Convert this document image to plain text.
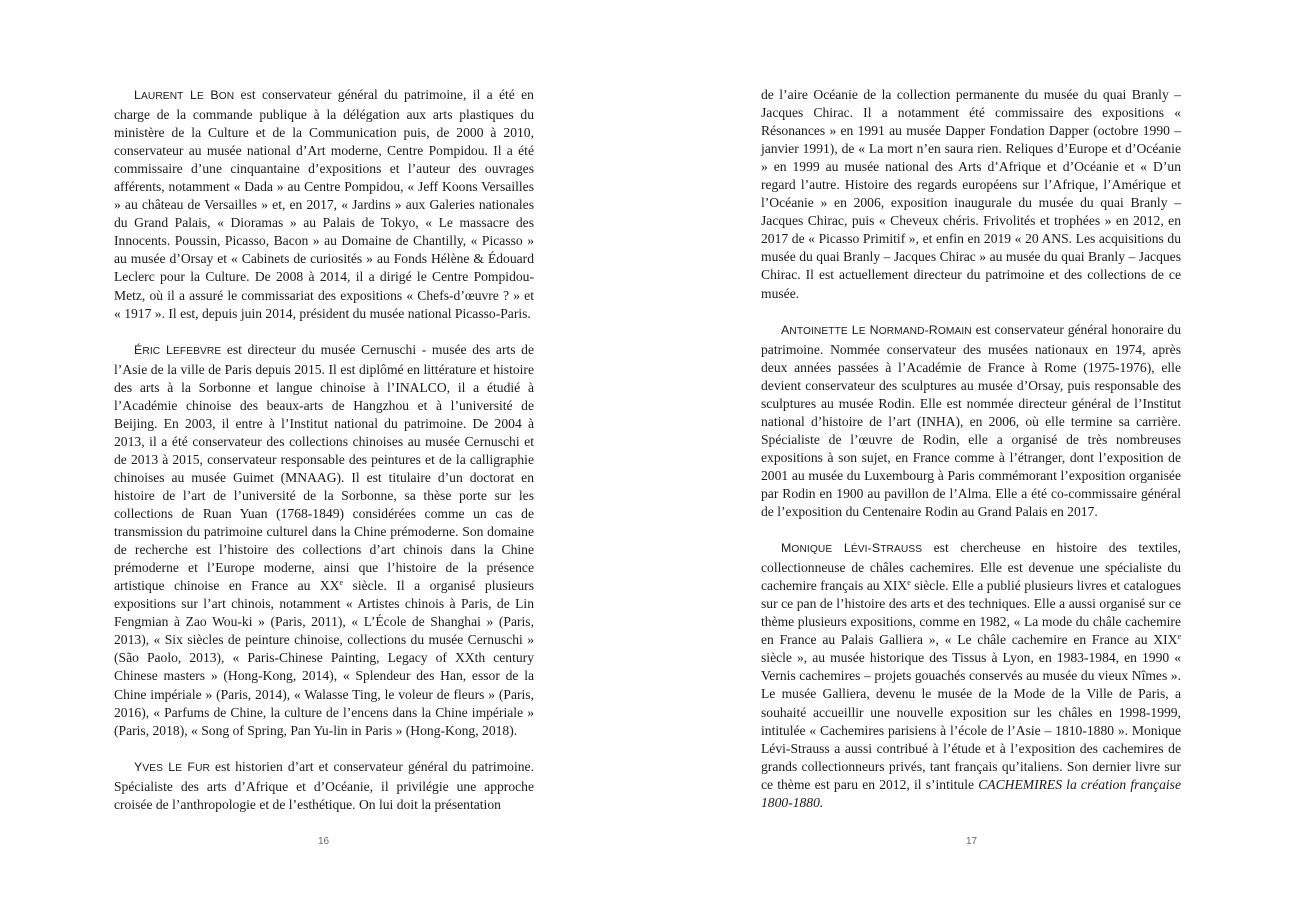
LAURENT LE BON est conservateur général du patrimoine, il a été en charge de la commande publique à la délégation aux arts plastiques du ministère de la Culture et de la Communication puis, de 2000 à 2010, conservateur au musée national d’Art moderne, Centre Pompidou. Il a été commissaire d’une cinquantaine d’expositions et l’auteur des ouvrages afférents, notamment « Dada » au Centre Pompidou, « Jeff Koons Versailles » au château de Versailles » et, en 2017, « Jardins » aux Galeries nationales du Grand Palais, « Dioramas » au Palais de Tokyo, « Le massacre des Innocents. Poussin, Picasso, Bacon » au Domaine de Chantilly, « Picasso » au musée d’Orsay et « Cabinets de curiosités » au Fonds Hélène & Édouard Leclerc pour la Culture. De 2008 à 2014, il a dirigé le Centre Pompidou-Metz, où il a assuré le commissariat des expositions « Chefs-d’œuvre ? » et « 1917 ». Il est, depuis juin 2014, président du musée national Picasso-Paris.

ÉRIC LEFEBVRE est directeur du musée Cernuschi - musée des arts de l’Asie de la ville de Paris depuis 2015. Il est diplômé en littérature et histoire des arts à la Sorbonne et langue chinoise à l’INALCO, il a étudié à l’Académie chinoise des beaux-arts de Hangzhou et à l’université de Beijing. En 2003, il entre à l’Institut national du patrimoine. De 2004 à 2013, il a été conservateur des collections chinoises au musée Cernuschi et de 2013 à 2015, conservateur responsable des peintures et de la calligraphie chinoises au musée Guimet (MNAAG). Il est titulaire d’un doctorat en histoire de l’art de l’université de la Sorbonne, sa thèse porte sur les collections de Ruan Yuan (1768-1849) considérées comme un cas de transmission du patrimoine culturel dans la Chine prémoderne. Son domaine de recherche est l’histoire des collections d’art chinois dans la Chine prémoderne et l’Europe moderne, ainsi que l’histoire de la présence artistique chinoise en France au XXe siècle. Il a organisé plusieurs expositions sur l’art chinois, notamment « Artistes chinois à Paris, de Lin Fengmian à Zao Wou-ki » (Paris, 2011), « L’École de Shanghai » (Paris, 2013), « Six siècles de peinture chinoise, collections du musée Cernuschi » (São Paolo, 2013), « Paris-Chinese Painting, Legacy of XXth century Chinese masters » (Hong-Kong, 2014), « Splendeur des Han, essor de la Chine impériale » (Paris, 2014), « Walasse Ting, le voleur de fleurs » (Paris, 2016), « Parfums de Chine, la culture de l’encens dans la Chine impériale » (Paris, 2018), « Song of Spring, Pan Yu-lin in Paris » (Hong-Kong, 2018).

YVES LE FUR est historien d’art et conservateur général du patrimoine. Spécialiste des arts d’Afrique et d’Océanie, il privilégie une approche croisée de l’anthropologie et de l’esthétique. On lui doit la présentation

16

de l’aire Océanie de la collection permanente du musée du quai Branly – Jacques Chirac. Il a notamment été commissaire des expositions « Résonances » en 1991 au musée Dapper Fondation Dapper (octobre 1990 – janvier 1991), de « La mort n’en saura rien. Reliques d’Europe et d’Océanie » en 1999 au musée national des Arts d’Afrique et d’Océanie et « D’un regard l’autre. Histoire des regards européens sur l’Afrique, l’Amérique et l’Océanie » en 2006, exposition inaugurale du musée du quai Branly – Jacques Chirac, puis « Cheveux chéris. Frivolités et trophées » en 2012, en 2017 de « Picasso Primitif », et enfin en 2019 « 20 ANS. Les acquisitions du musée du quai Branly – Jacques Chirac » au musée du quai Branly – Jacques Chirac. Il est actuellement directeur du patrimoine et des collections de ce musée.

ANTOINETTE LE NORMAND-ROMAIN est conservateur général honoraire du patrimoine. Nommée conservateur des musées nationaux en 1974, après deux années passées à l’Académie de France à Rome (1975-1976), elle devient conservateur des sculptures au musée d’Orsay, puis responsable des sculptures au musée Rodin. Elle est nommée directeur général de l’Institut national d’histoire de l’art (INHA), en 2006, où elle termine sa carrière. Spécialiste de l’œuvre de Rodin, elle a organisé de très nombreuses expositions à son sujet, en France comme à l’étranger, dont l’exposition de 2001 au musée du Luxembourg à Paris commémorant l’exposition organisée par Rodin en 1900 au pavillon de l’Alma. Elle a été co-commissaire général de l’exposition du Centenaire Rodin au Grand Palais en 2017.

MONIQUE LÉVI-STRAUSS est chercheuse en histoire des textiles, collectionneuse de châles cachemires. Elle est devenue une spécialiste du cachemire français au XIXe siècle. Elle a publié plusieurs livres et catalogues sur ce pan de l’histoire des arts et des techniques. Elle a aussi organisé sur ce thème plusieurs expositions, comme en 1982, « La mode du châle cachemire en France au Palais Galliera », « Le châle cachemire en France au XIXe siècle », au musée historique des Tissus à Lyon, en 1983-1984, en 1990 « Vernis cachemires – projets gouachés conservés au musée du vieux Nîmes ». Le musée Galliera, devenu le musée de la Mode de la Ville de Paris, a souhaité accueillir une nouvelle exposition sur les châles en 1998-1999, intitulée « Cachemires parisiens à l’école de l’Asie – 1810-1880 ». Monique Lévi-Strauss a aussi contribué à l’étude et à l’exposition des cachemires de grands collectionneurs privés, tant français qu’italiens. Son dernier livre sur ce thème est paru en 2012, il s’intitule CACHEMIRES la création française 1800-1880.

17
